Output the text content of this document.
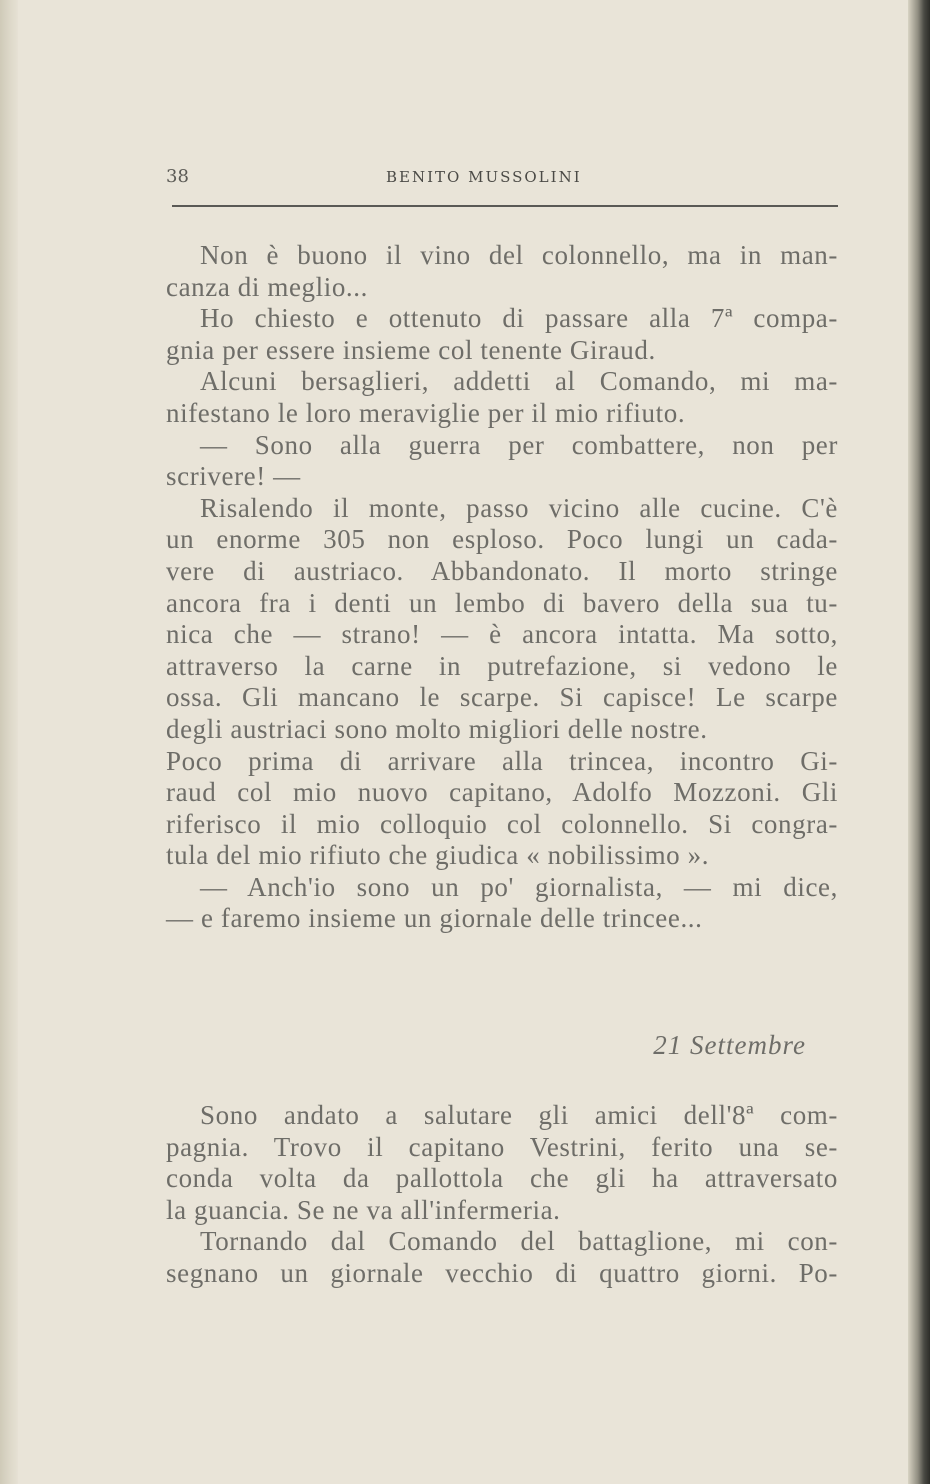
38	BENITO MUSSOLINI
Non è buono il vino del colonnello, ma in man-
canza di meglio...
Ho chiesto e ottenuto di passare alla 7ª compa-
gnia per essere insieme col tenente Giraud.
Alcuni bersaglieri, addetti al Comando, mi ma-
nifestano le loro meraviglie per il mio rifiuto.
— Sono alla guerra per combattere, non per
scrivere! —
Risalendo il monte, passo vicino alle cucine. C'è
un enorme 305 non esploso. Poco lungi un cada-
vere di austriaco. Abbandonato. Il morto stringe
ancora fra i denti un lembo di bavero della sua tu-
nica che — strano! — è ancora intatta. Ma sotto,
attraverso la carne in putrefazione, si vedono le
ossa. Gli mancano le scarpe. Si capisce! Le scarpe
degli austriaci sono molto migliori delle nostre.
Poco prima di arrivare alla trincea, incontro Gi-
raud col mio nuovo capitano, Adolfo Mozzoni. Gli
riferisco il mio colloquio col colonnello. Si congra-
tula del mio rifiuto che giudica « nobilissimo ».
— Anch'io sono un po' giornalista, — mi dice,
— e faremo insieme un giornale delle trincee...
21 Settembre
Sono andato a salutare gli amici dell'8ª com-
pagnia. Trovo il capitano Vestrini, ferito una se-
conda volta da pallottola che gli ha attraversato
la guancia. Se ne va all'infermeria.
Tornando dal Comando del battaglione, mi con-
segnano un giornale vecchio di quattro giorni. Po-
